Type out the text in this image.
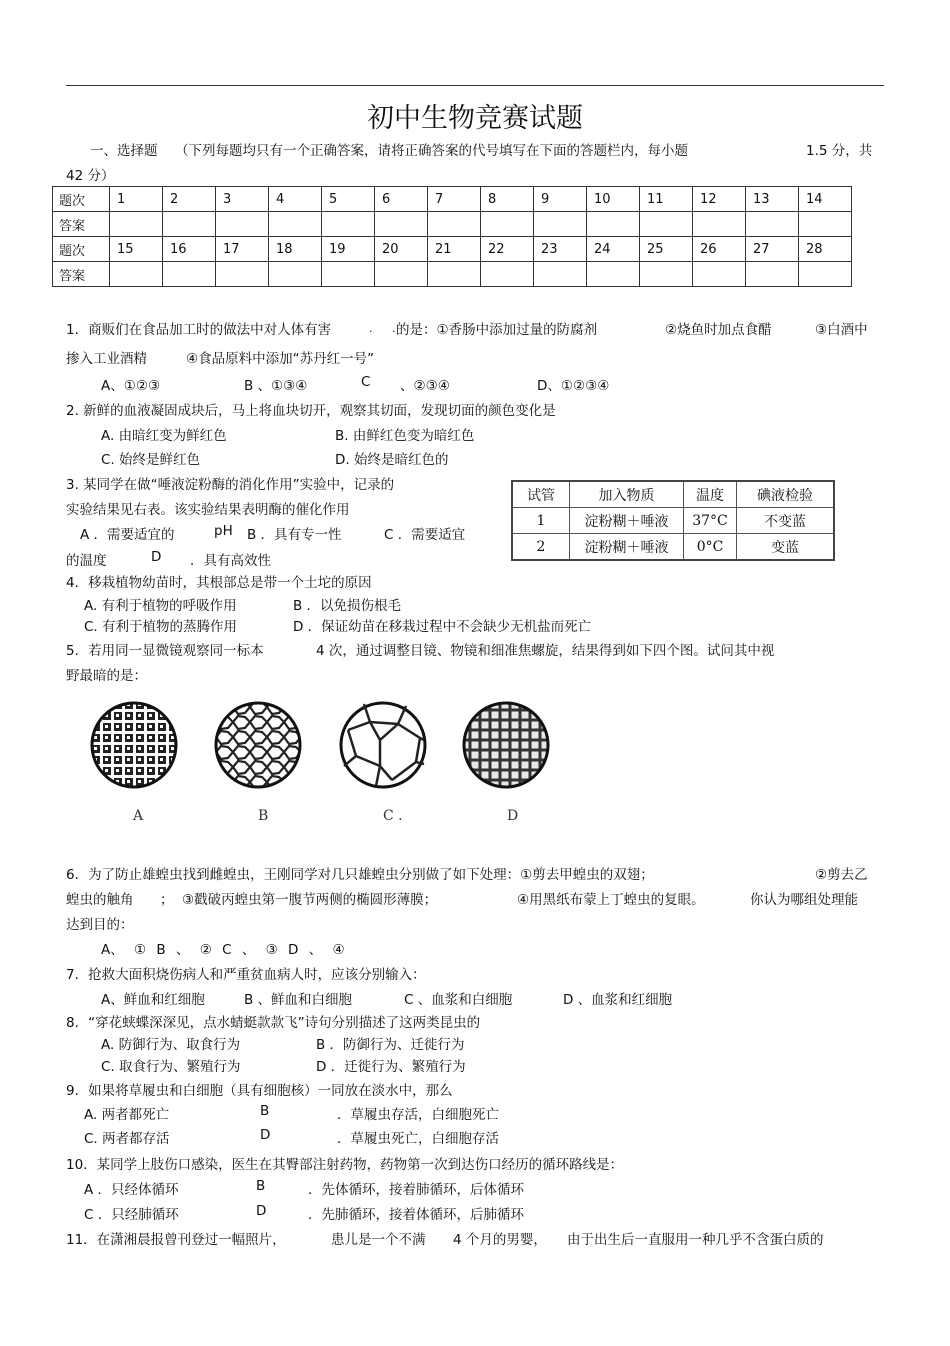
初中生物竞赛试题
一、选择题 （下列每题均只有一个正确答案，请将正确答案的代号填写在下面的答题栏内，每小题	1.5 分，共
42 分）
题次	1	2	3	4	5	6	7	8	9	10	11	12	13	14
答案														
题次	15	16	17	18	19	20	21	22	23	24	25	26	27	28
答案														
1．商贩们在食品加工时的做法中对人体有害	. .
的是：①香肠中添加过量的防腐剂	②烧鱼时加点食醋	③白酒中
掺入工业酒精	④食品原料中添加“苏丹红一号”
A、①②③	B 、①③④	C 、②③④	D、①②③④
2. 新鲜的血液凝固成块后，马上将血块切开，观察其切面，发现切面的颜色变化是
A. 由暗红变为鲜红色	B. 由鲜红色变为暗红色
C. 始终是鲜红色	D. 始终是暗红色的
3. 某同学在做“唾液淀粉酶的消化作用”实验中，记录的
实验结果见右表。该实验结果表明酶的催化作用
A ．需要适宜的	pH B ．具有专一性	C ．需要适宜
的温度	D ．具有高效性
试管	加入物质	温度	碘液检验
1	淀粉糊＋唾液	37°C	不变蓝
2	淀粉糊＋唾液	0°C	变蓝
4．移栽植物幼苗时，其根部总是带一个土坨的原因
A. 有利于植物的呼吸作用	B ．以免损伤根毛
C. 有利于植物的蒸腾作用	D ．保证幼苗在移栽过程中不会缺少无机盐而死亡
5．若用同一显微镜观察同一标本	4 次，通过调整目镜、物镜和细准焦螺旋，结果得到如下四个图。试问其中视
野最暗的是：
A	B	C .	D
6．为了防止雄蝗虫找到雌蝗虫，王刚同学对几只雄蝗虫分别做了如下处理：①剪去甲蝗虫的双翅；	②剪去乙
蝗虫的触角 ； ③戳破丙蝗虫第一腹节两侧的椭圆形薄膜；	④用黑纸布蒙上丁蝗虫的复眼。	你认为哪组处理能
达到目的：
A、 ① B 、 ② C 、 ③ D 、 ④
7．抢救大面积烧伤病人和严重贫血病人时，应该分别输入：
A、鲜血和红细胞	B 、鲜血和白细胞	C 、血浆和白细胞	D 、血浆和红细胞
8．“穿花蛱蝶深深见，点水蜻蜓款款飞”诗句分别描述了这两类昆虫的
A. 防御行为、取食行为	B ．防御行为、迁徙行为
C. 取食行为、繁殖行为	D ．迁徙行为、繁殖行为
9．如果将草履虫和白细胞（具有细胞核）一同放在淡水中，那么
A. 两者都死亡	B	．草履虫存活，白细胞死亡
C. 两者都存活	D	．草履虫死亡，白细胞存活
10．某同学上肢伤口感染，医生在其臀部注射药物，药物第一次到达伤口经历的循环路线是：
A ．只经体循环	B	．先体循环，接着肺循环，后体循环
C ．只经肺循环	D	．先肺循环，接着体循环，后肺循环
11．在潇湘晨报曾刊登过一幅照片，	患儿是一个不满 4 个月的男婴， 由于出生后一直服用一种几乎不含蛋白质的
